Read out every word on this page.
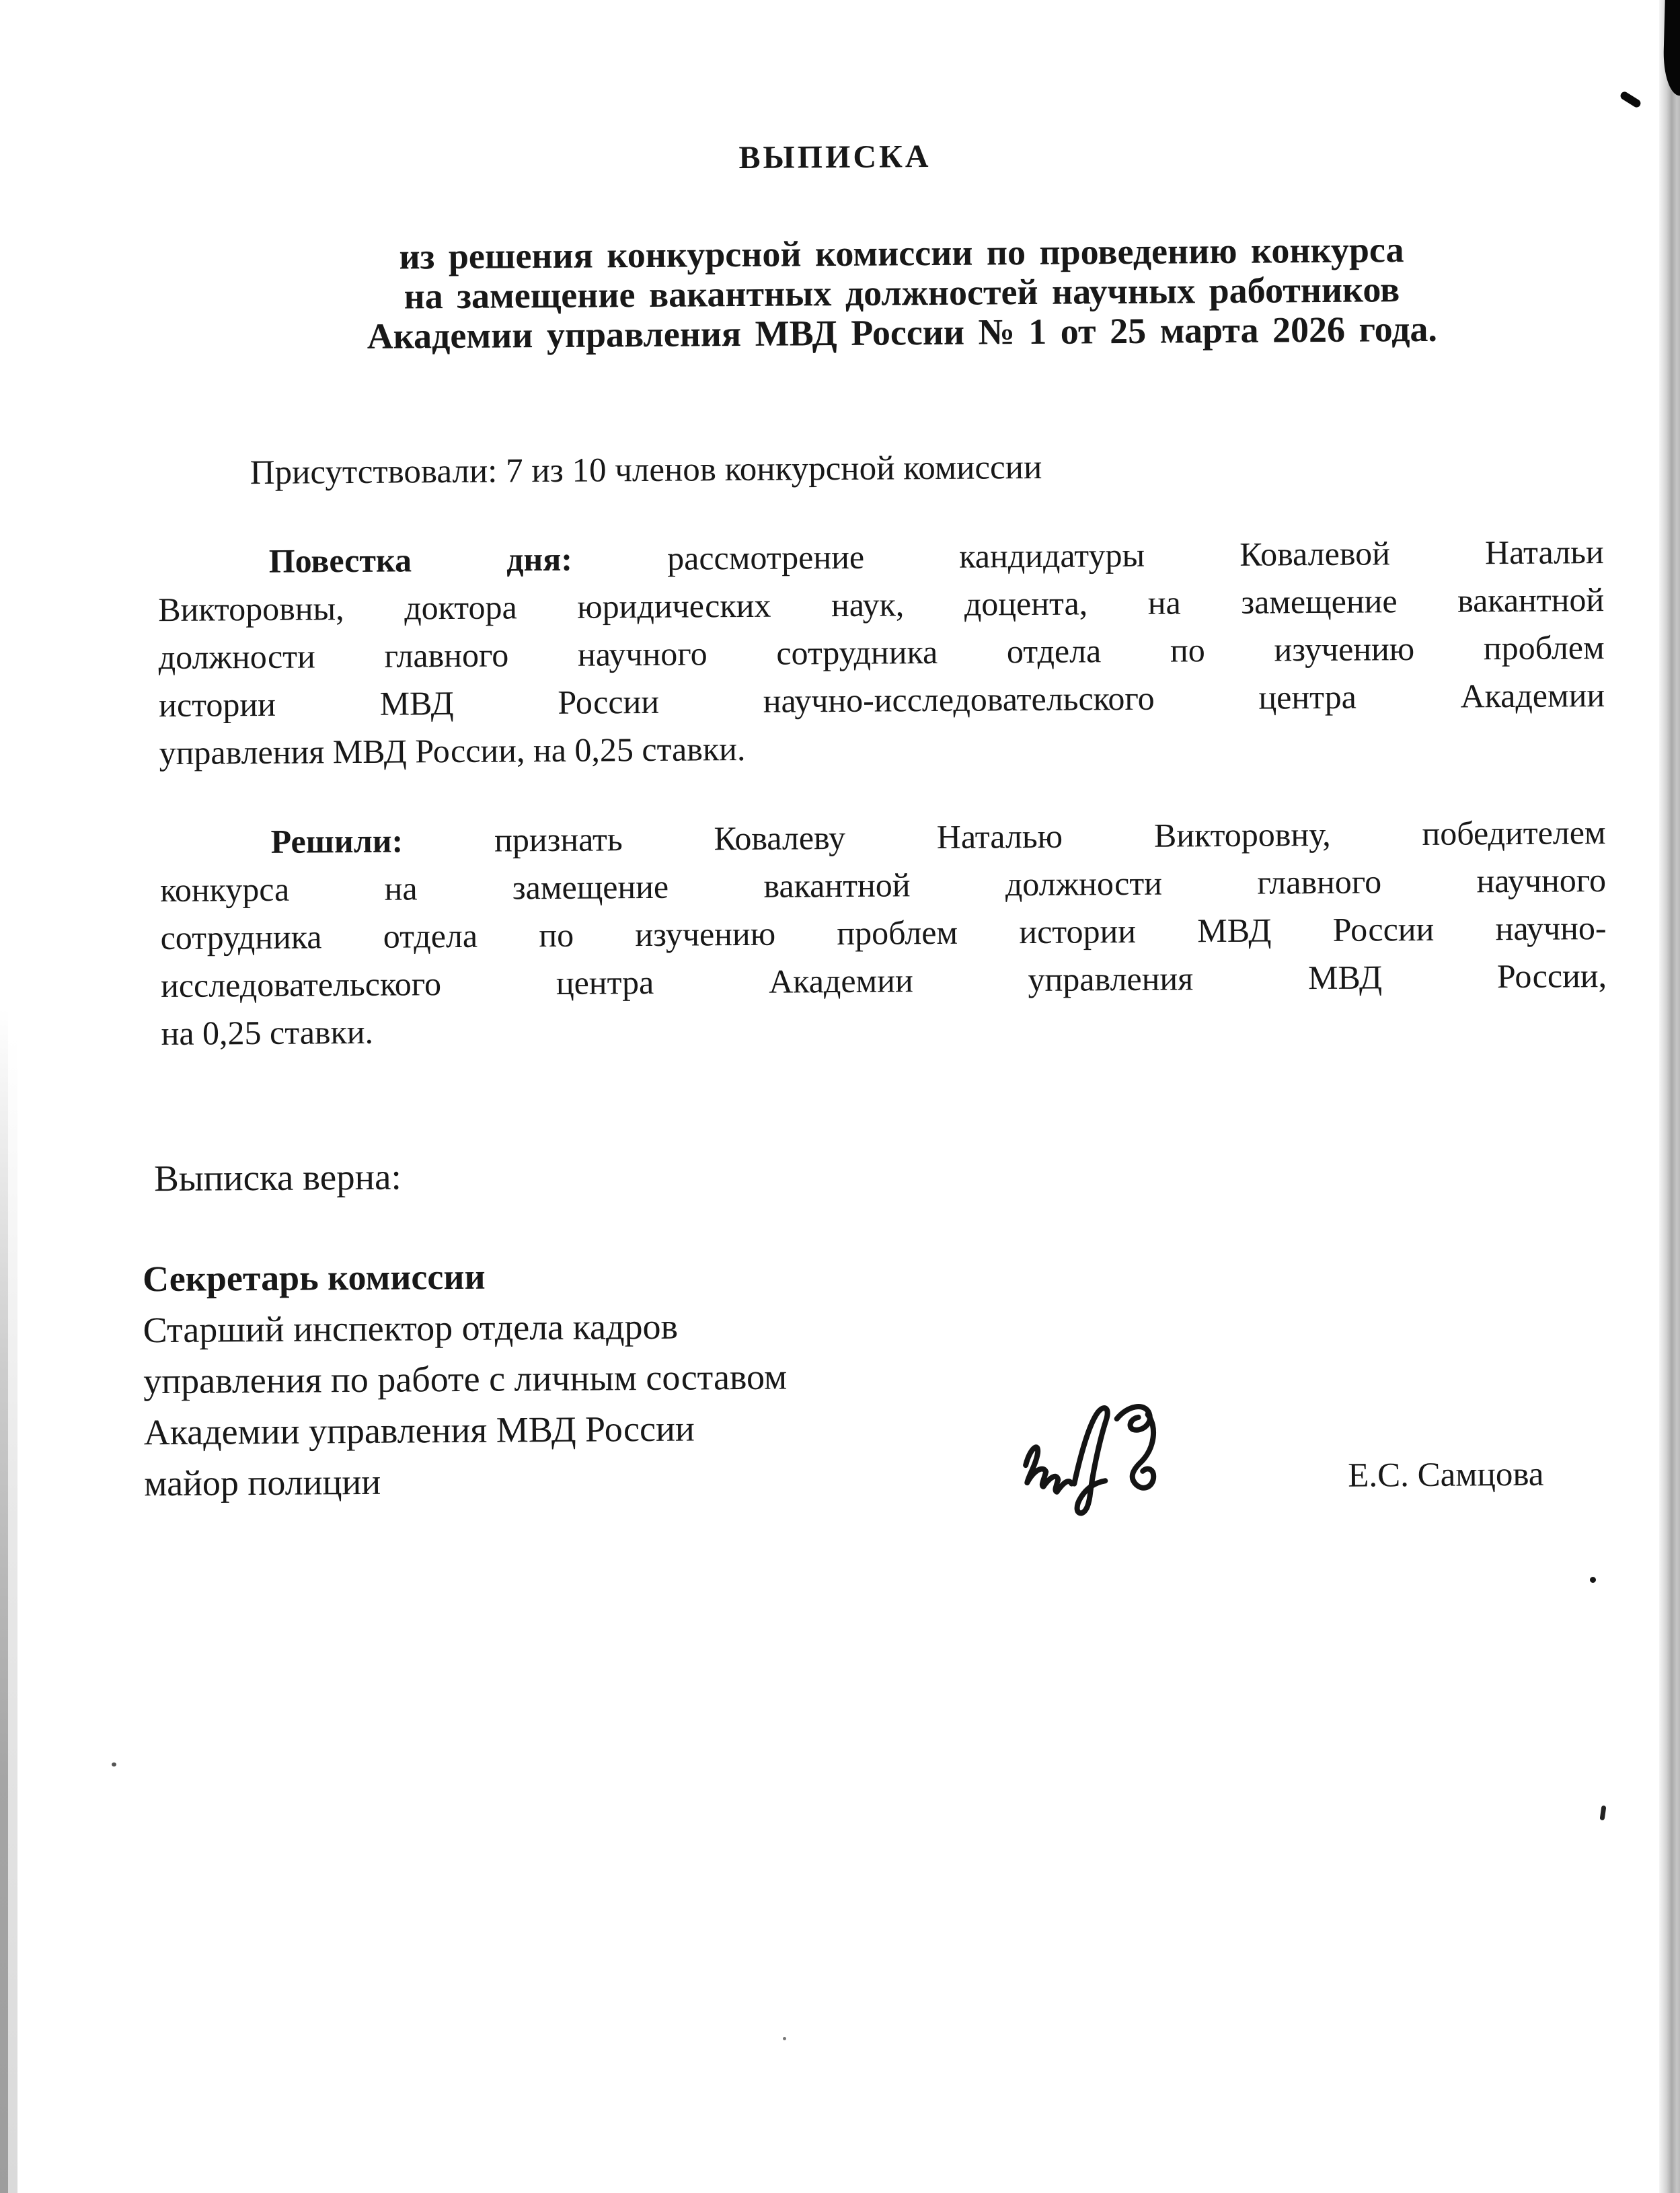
ВЫПИСКА
из решения конкурсной комиссии по проведению конкурса
на замещение вакантных должностей научных работников
Академии управления МВД России № 1 от 25 марта 2026 года.

Присутствовали: 7 из 10 членов конкурсной комиссии

Повестка дня:	рассмотрение кандидатуры Ковалевой Натальи
Викторовны, доктора юридических наук, доцента, на замещение вакантной
должности главного научного сотрудника отдела по изучению проблем
истории МВД России научно-исследовательского центра Академии
управления МВД России, на 0,25 ставки.
Решили:	признать Ковалеву Наталью Викторовну, победителем
конкурса на замещение вакантной должности главного научного
сотрудника отдела по изучению проблем истории МВД России научно-
исследовательского центра Академии управления МВД России,
на 0,25 ставки.

Выписка верна:

Секретарь комиссии
Старший инспектор отдела кадров
управления по работе с личным составом
Академии управления МВД России
майор полиции	Е.С. Самцова
